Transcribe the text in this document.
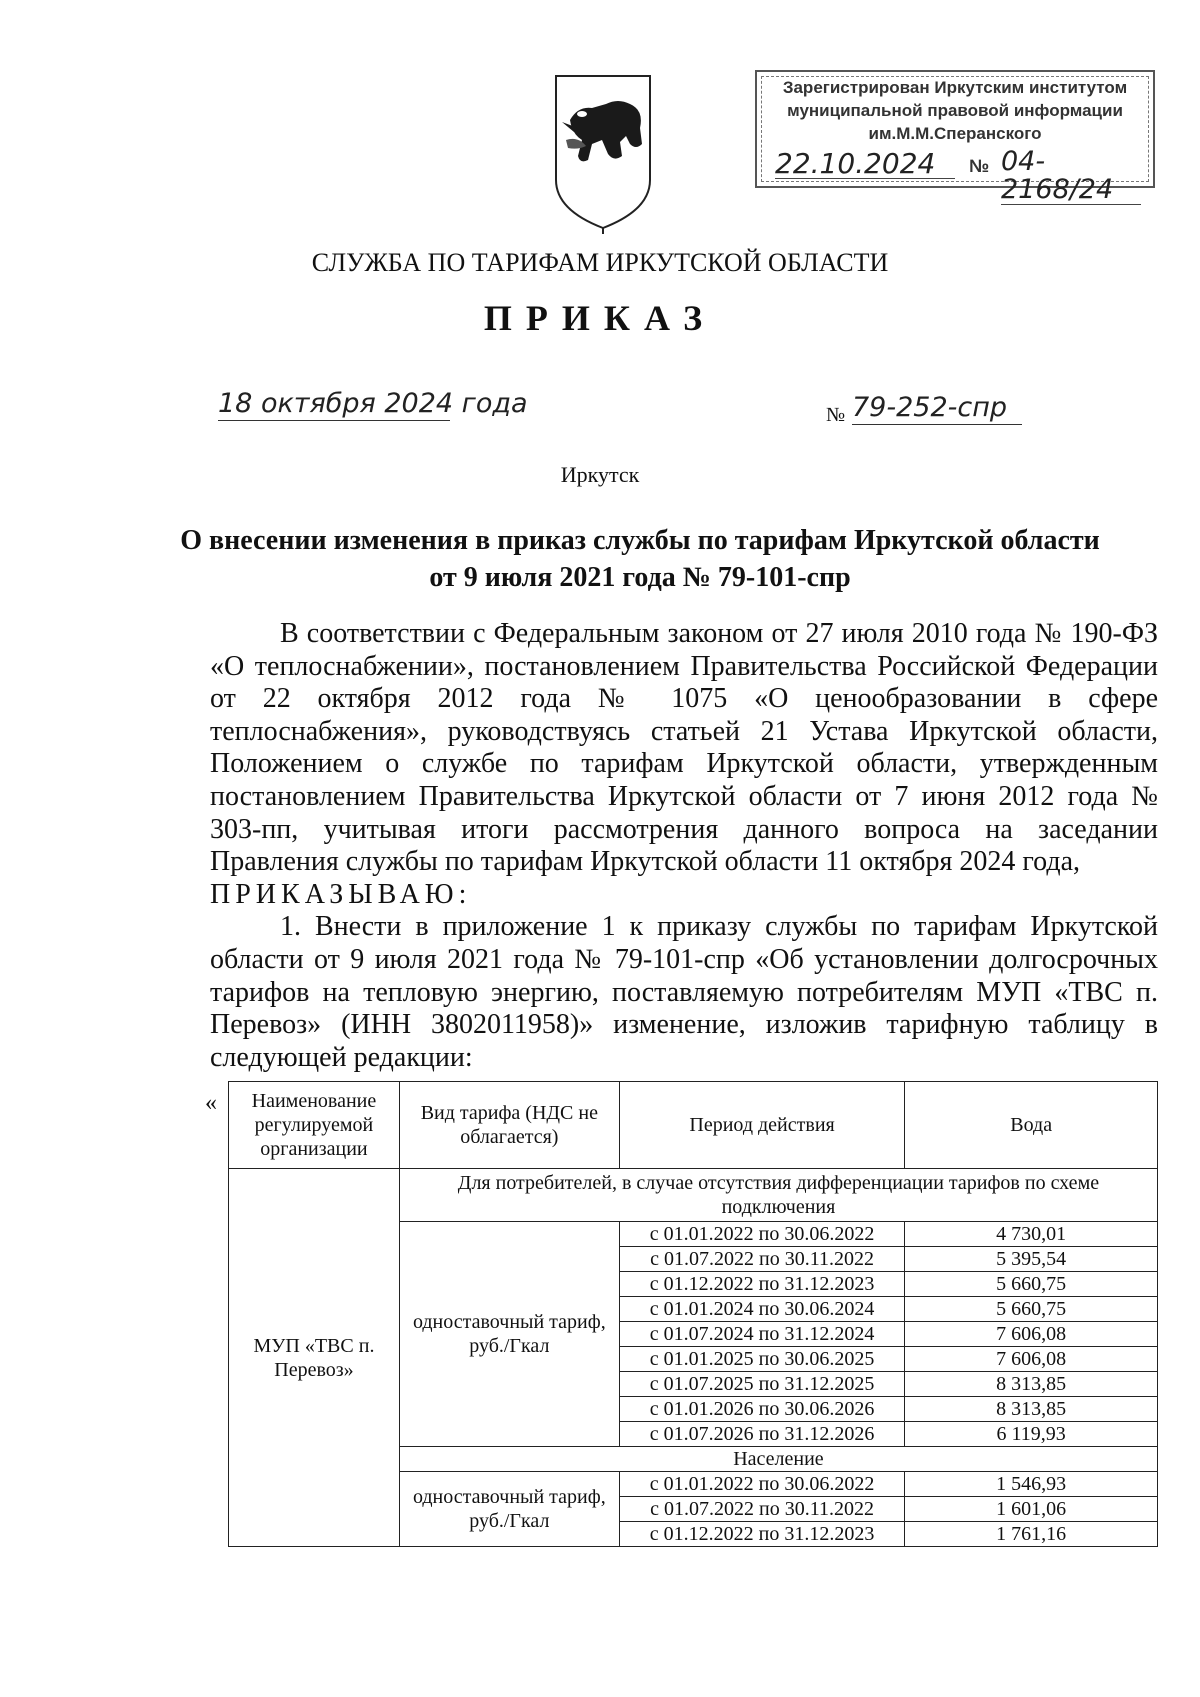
Зарегистрирован Иркутским институтом
муниципальной правовой информации
им.М.М.Сперанского
22.10.2024	№ 04-2168/24
СЛУЖБА ПО ТАРИФАМ ИРКУТСКОЙ ОБЛАСТИ
ПРИКАЗ
18 октября 2024 года	№ 79-252-спр
Иркутск
О внесении изменения в приказ службы по тарифам Иркутской области
от 9 июля 2021 года № 79-101-спр

В соответствии с Федеральным законом от 27 июля 2010 года № 190-ФЗ «О теплоснабжении», постановлением Правительства Российской Федерации от 22 октября 2012 года № 1075 «О ценообразовании в сфере теплоснабжения», руководствуясь статьей 21 Устава Иркутской области, Положением о службе по тарифам Иркутской области, утвержденным постановлением Правительства Иркутской области от 7 июня 2012 года № 303-пп, учитывая итоги рассмотрения данного вопроса на заседании Правления службы по тарифам Иркутской области 11 октября 2024 года,

ПРИКАЗЫВАЮ:

1. Внести в приложение 1 к приказу службы по тарифам Иркутской области от 9 июля 2021 года № 79-101-спр «Об установлении долгосрочных тарифов на тепловую энергию, поставляемую потребителям МУП «ТВС п. Перевоз» (ИНН 3802011958)» изменение, изложив тарифную таблицу в следующей редакции:

« Наименование регулируемой организации	Вид тарифа (НДС не облагается)	Период действия	Вода
МУП «ТВС п. Перевоз»	Для потребителей, в случае отсутствия дифференциации тарифов по схеме подключения		
	одноставочный тариф, руб./Гкал	с 01.01.2022 по 30.06.2022	4 730,01
		с 01.07.2022 по 30.11.2022	5 395,54
		с 01.12.2022 по 31.12.2023	5 660,75
		с 01.01.2024 по 30.06.2024	5 660,75
		с 01.07.2024 по 31.12.2024	7 606,08
		с 01.01.2025 по 30.06.2025	7 606,08
		с 01.07.2025 по 31.12.2025	8 313,85
		с 01.01.2026 по 30.06.2026	8 313,85
		с 01.07.2026 по 31.12.2026	6 119,93
	Население		
	одноставочный тариф, руб./Гкал	с 01.01.2022 по 30.06.2022	1 546,93
		с 01.07.2022 по 30.11.2022	1 601,06
		с 01.12.2022 по 31.12.2023	1 761,16
